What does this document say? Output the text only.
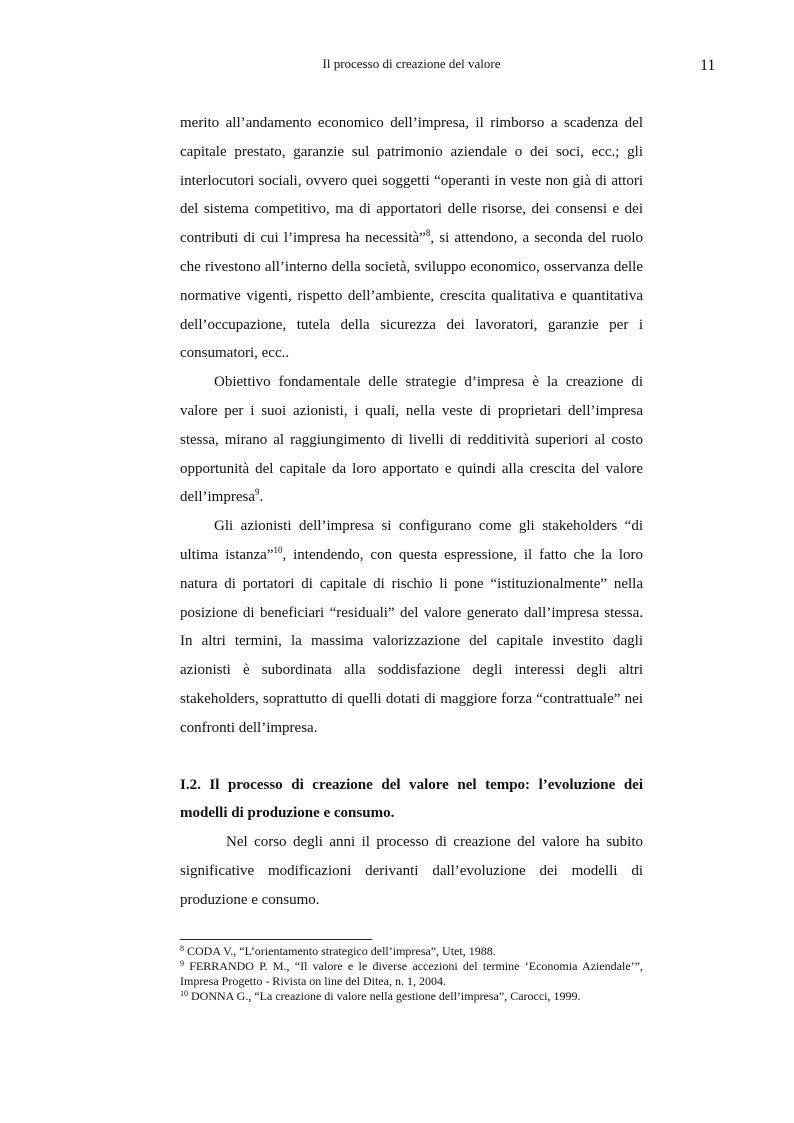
Il processo di creazione del valore	11

merito all’andamento economico dell’impresa, il rimborso a scadenza del capitale prestato, garanzie sul patrimonio aziendale o dei soci, ecc.; gli interlocutori sociali, ovvero quei soggetti “operanti in veste non già di attori del sistema competitivo, ma di apportatori delle risorse, dei consensi e dei contributi di cui l’impresa ha necessità”$^8$, si attendono, a seconda del ruolo che rivestono all’interno della società, sviluppo economico, osservanza delle normative vigenti, rispetto dell’ambiente, crescita qualitativa e quantitativa dell’occupazione, tutela della sicurezza dei lavoratori, garanzie per i consumatori, ecc..

Obiettivo fondamentale delle strategie d’impresa è la creazione di valore per i suoi azionisti, i quali, nella veste di proprietari dell’impresa stessa, mirano al raggiungimento di livelli di redditività superiori al costo opportunità del capitale da loro apportato e quindi alla crescita del valore dell’impresa$^9$.

Gli azionisti dell’impresa si configurano come gli stakeholders “di ultima istanza”$^{10}$, intendendo, con questa espressione, il fatto che la loro natura di portatori di capitale di rischio li pone “istituzionalmente” nella posizione di beneficiari “residuali” del valore generato dall’impresa stessa. In altri termini, la massima valorizzazione del capitale investito dagli azionisti è subordinata alla soddisfazione degli interessi degli altri stakeholders, soprattutto di quelli dotati di maggiore forza “contrattuale” nei confronti dell’impresa.

I.2. Il processo di creazione del valore nel tempo: l’evoluzione dei modelli di produzione e consumo.

Nel corso degli anni il processo di creazione del valore ha subito significative modificazioni derivanti dall’evoluzione dei modelli di produzione e consumo.

$^8$ CODA V., “L’orientamento strategico dell’impresa”, Utet, 1988.

$^9$ FERRANDO P. M., “Il valore e le diverse accezioni del termine ‘Economia Aziendale’”, Impresa Progetto - Rivista on line del Ditea, n. 1, 2004.

$^{10}$ DONNA G., “La creazione di valore nella gestione dell’impresa”, Carocci, 1999.
